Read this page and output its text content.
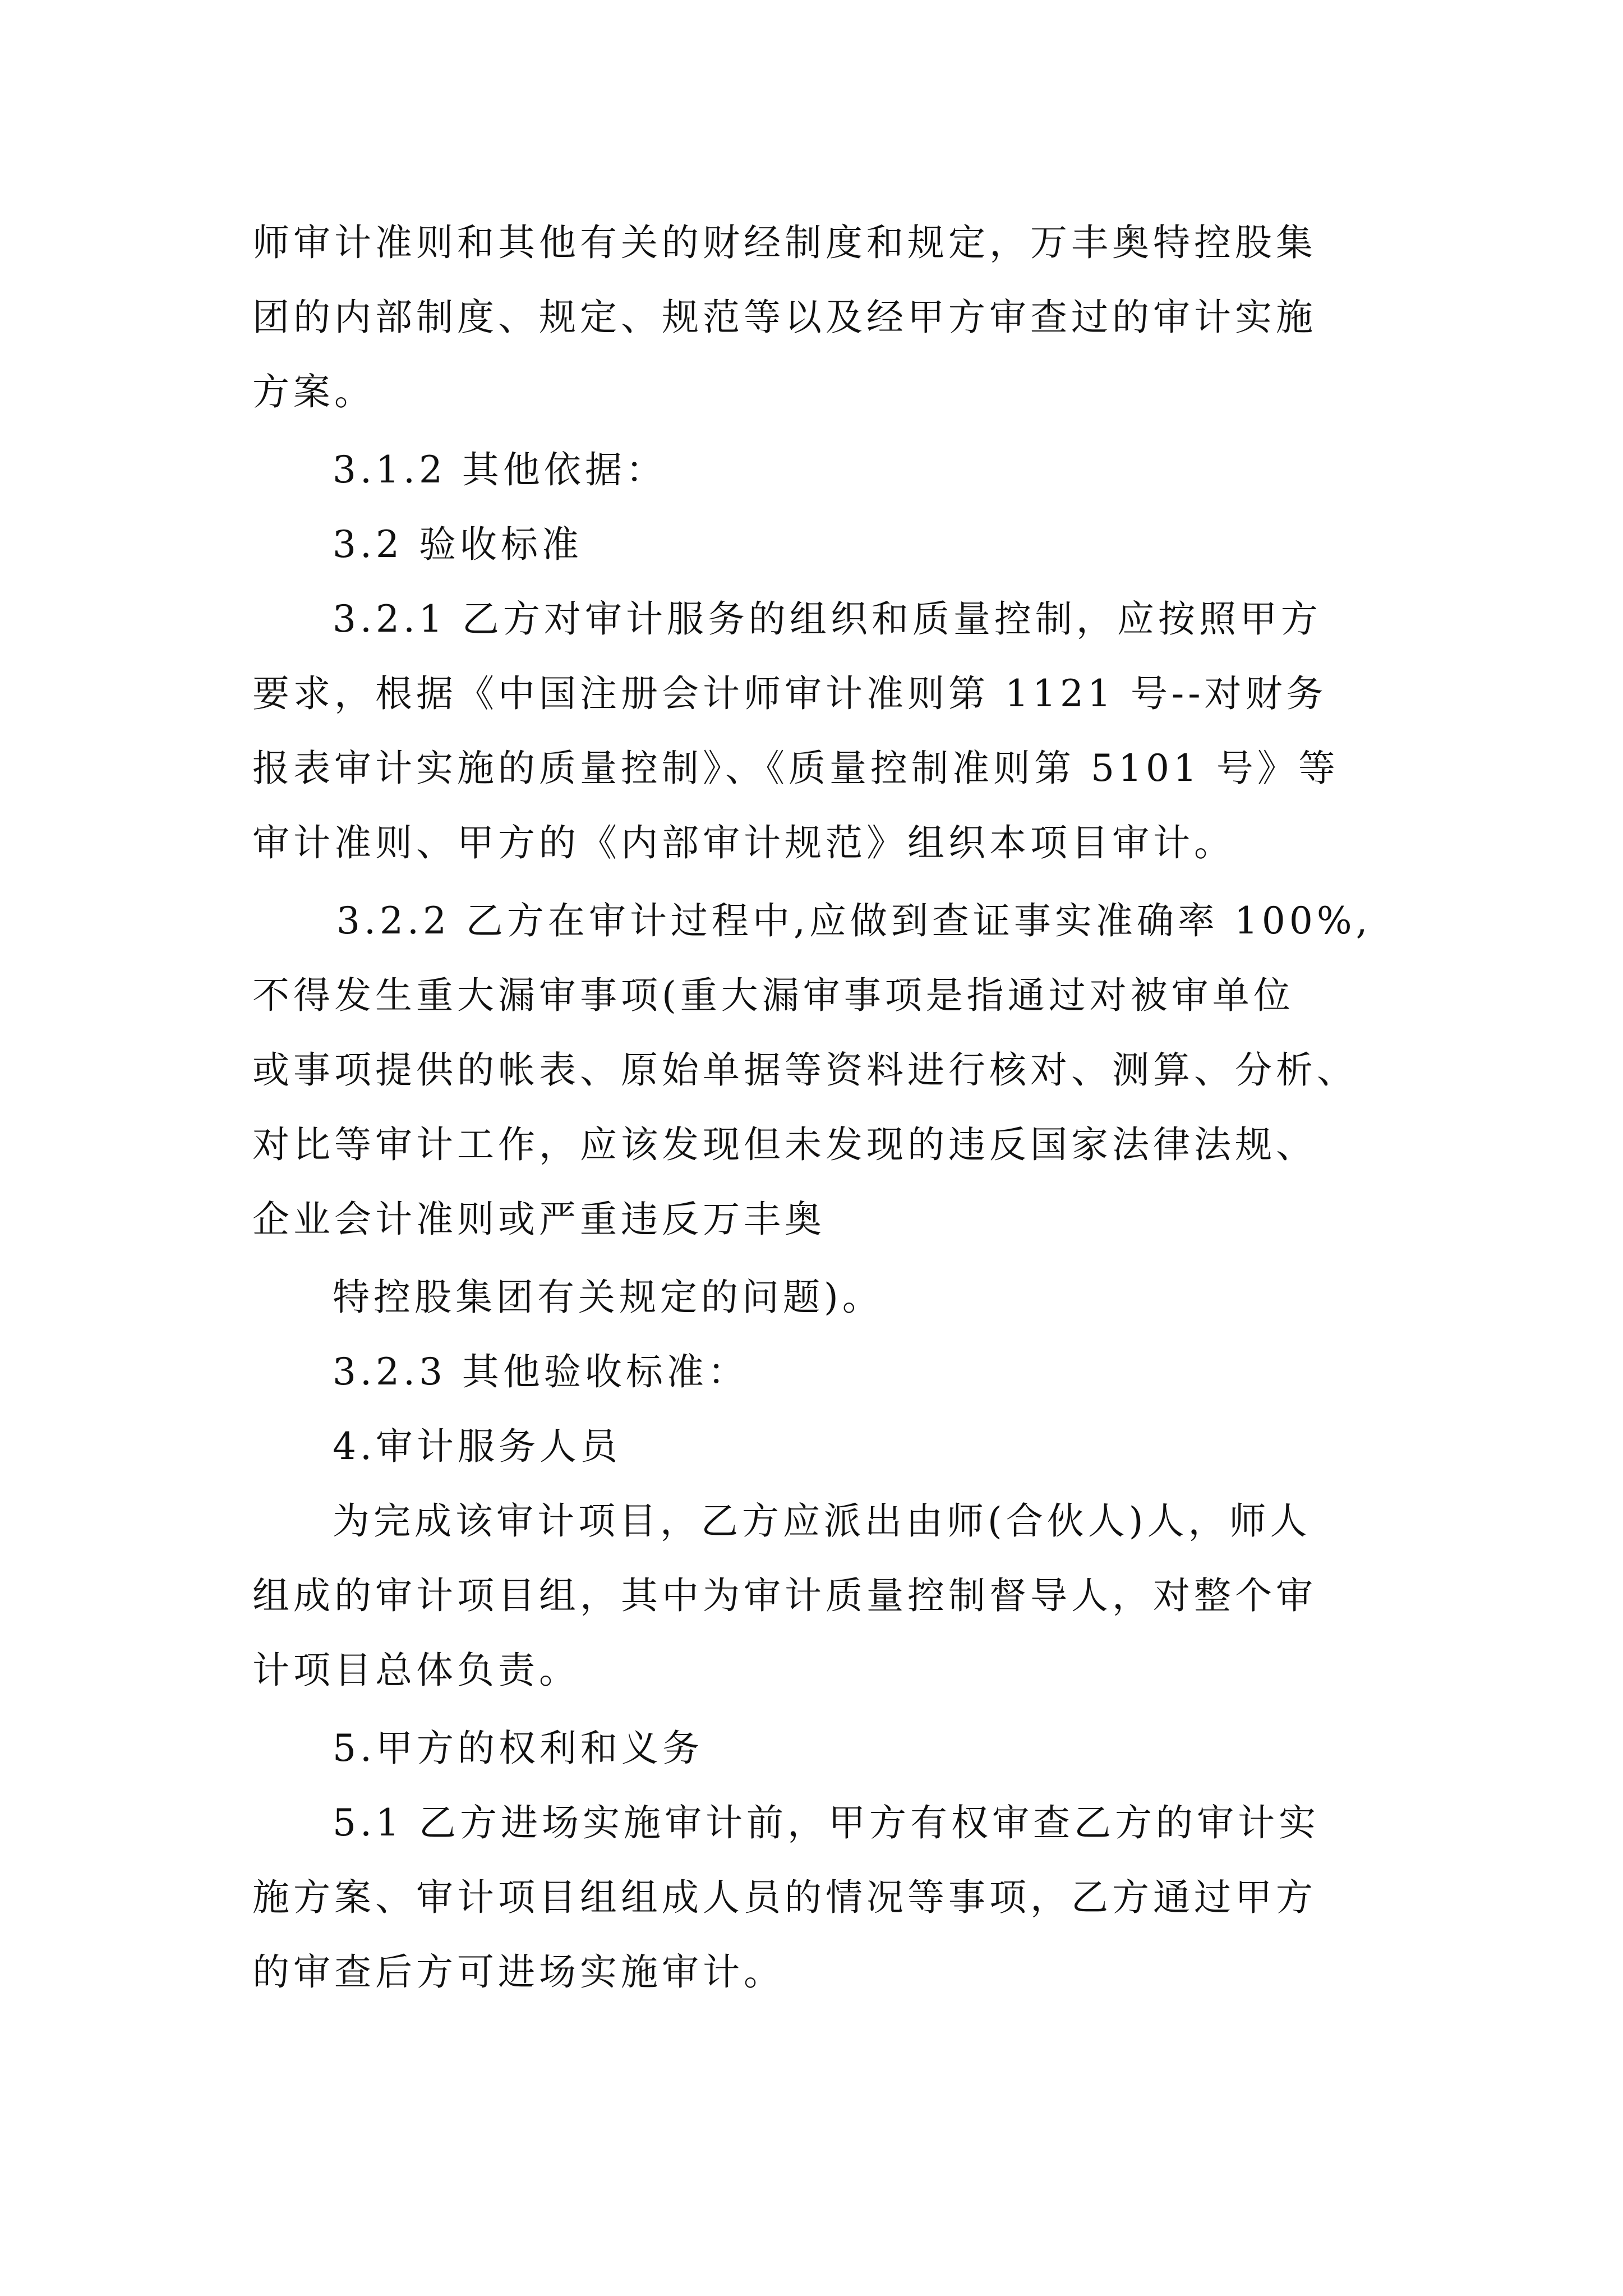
师审计准则和其他有关的财经制度和规定，万丰奥特控股集
团的内部制度、规定、规范等以及经甲方审查过的审计实施
方案。
3.1.2 其他依据：
3.2 验收标准
3.2.1 乙方对审计服务的组织和质量控制，应按照甲方
要求，根据《中国注册会计师审计准则第 1121 号--对财务
报表审计实施的质量控制》、《质量控制准则第 5101 号》等
审计准则、甲方的《内部审计规范》组织本项目审计。
3.2.2 乙方在审计过程中,应做到查证事实准确率 100%,
不得发生重大漏审事项(重大漏审事项是指通过对被审单位
或事项提供的帐表、原始单据等资料进行核对、测算、分析、
对比等审计工作，应该发现但未发现的违反国家法律法规、
企业会计准则或严重违反万丰奥
特控股集团有关规定的问题)。
3.2.3 其他验收标准：
4.审计服务人员
为完成该审计项目，乙方应派出由师(合伙人)人，师人
组成的审计项目组，其中为审计质量控制督导人，对整个审
计项目总体负责。
5.甲方的权利和义务
5.1 乙方进场实施审计前，甲方有权审查乙方的审计实
施方案、审计项目组组成人员的情况等事项，乙方通过甲方
的审查后方可进场实施审计。
